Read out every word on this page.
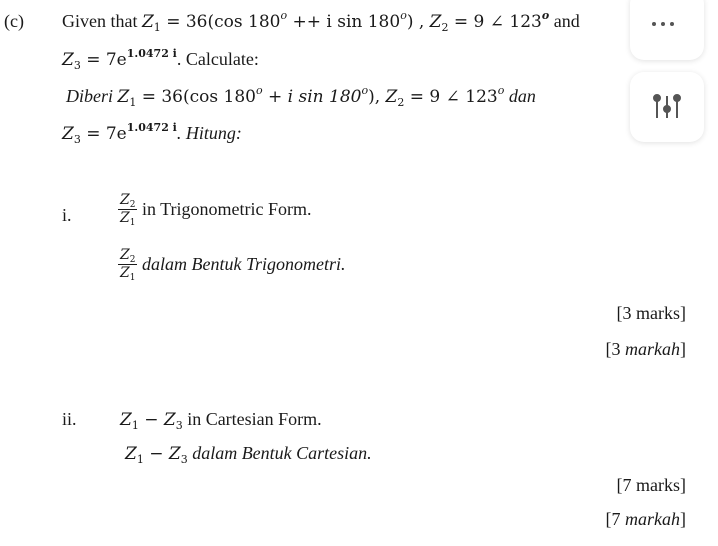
(c) Given that $Z_1 = 36(\cos$ $180^o ++ i$ sin 180$^o$) , $Z_2 = 9$ ∠ 123$^o$ and
$Z_3 = 7e^{1.0472 i}$. Calculate:
Diberi $Z_1 = 36(\cos$ $180^o + i$ sin 180$^o$), $Z_2 = 9$ ∠ 123$^o$ dan
$Z_3 = 7e^{1.0472 i}$. Hitung:
i.	$\frac{Z_2}{Z_1}$ in Trigonometric Form.
$\frac{Z_2}{Z_1}$ dalam Bentuk Trigonometri.
[3 marks]
[3 markah]
ii.	$Z_1 - Z_3$ in Cartesian Form.
$Z_1 - Z_3$ dalam Bentuk Cartesian.
[7 marks]
[7 markah]
